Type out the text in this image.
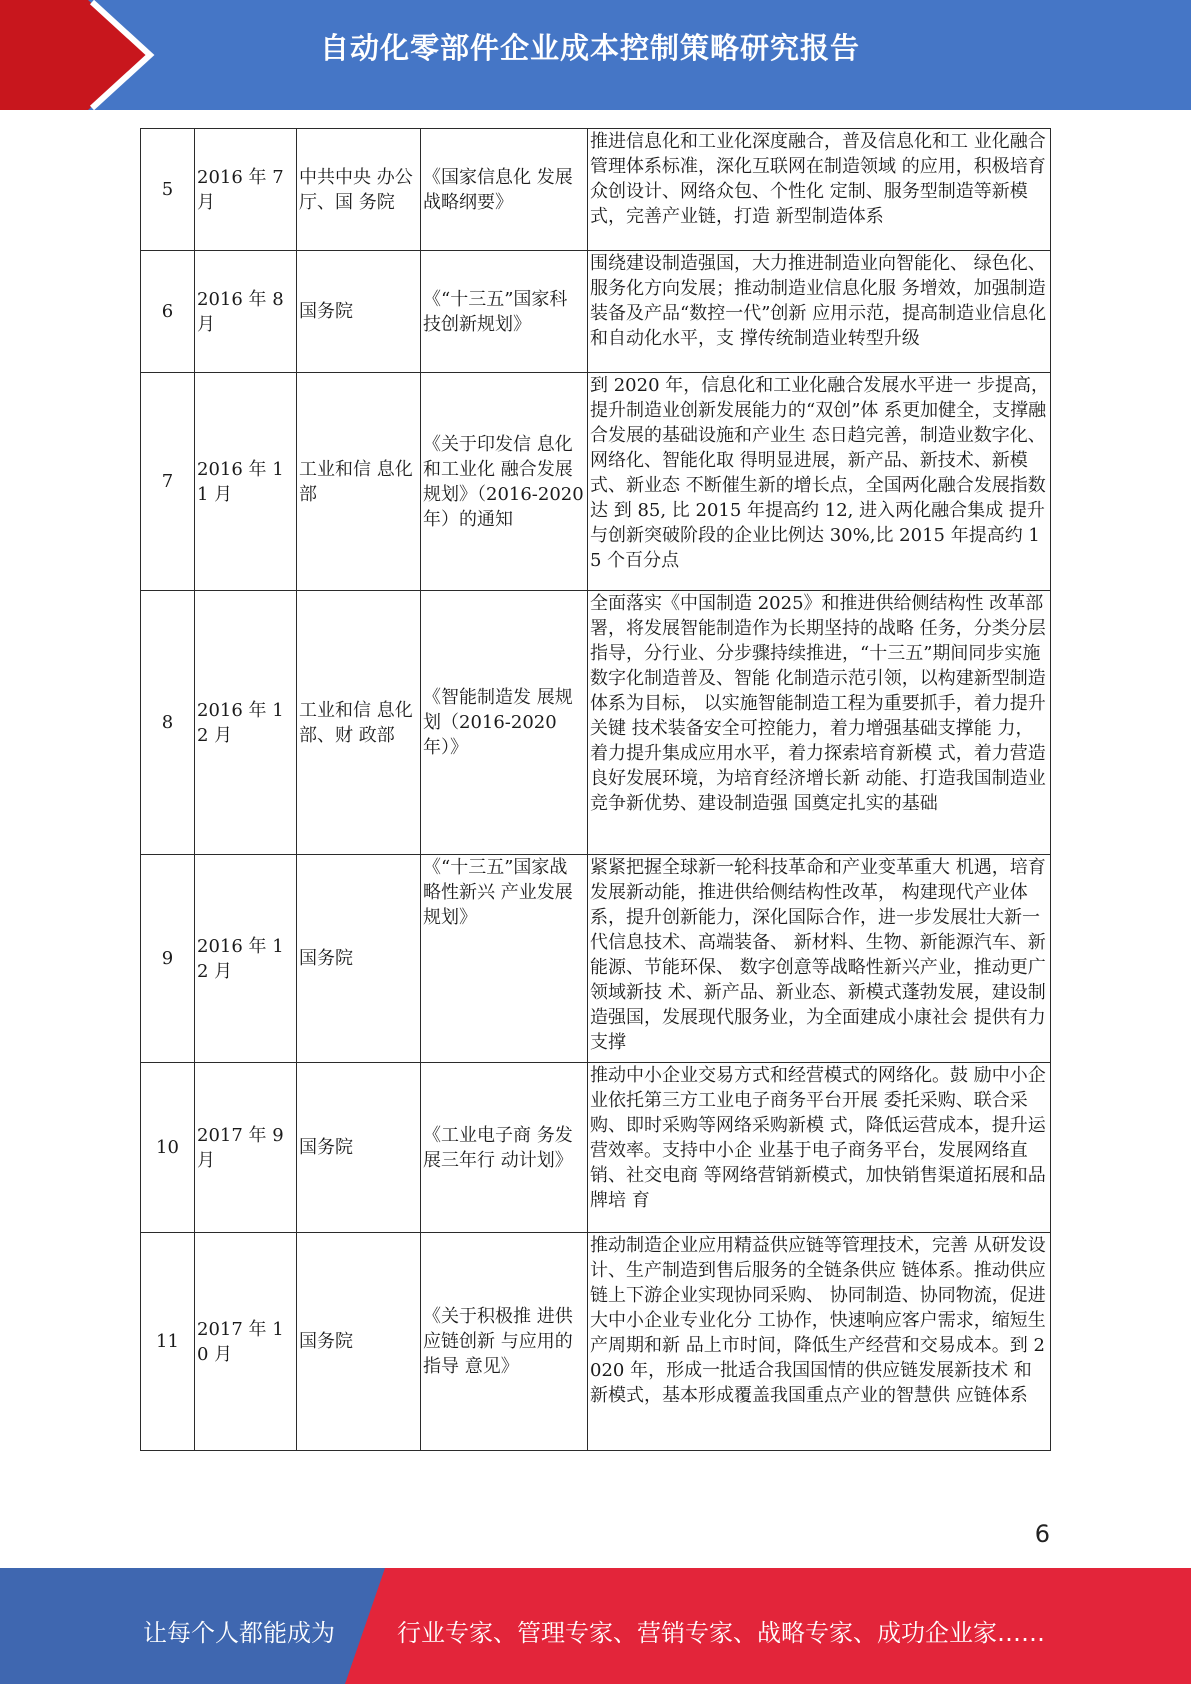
自动化零部件企业成本控制策略研究报告
5	2016 年 7 月	中共中央 办公厅、国 务院	《国家信息化 发展战略纲要》	推进信息化和工业化深度融合，普及信息化和工 业化融合管理体系标准，深化互联网在制造领域 的应用，积极培育众创设计、网络众包、个性化 定制、服务型制造等新模式，完善产业链，打造 新型制造体系
6	2016 年 8 月	国务院	《“十三五”国家科技创新规划》	围绕建设制造强国，大力推进制造业向智能化、 绿色化、服务化方向发展；推动制造业信息化服 务增效，加强制造装备及产品“数控一代”创新 应用示范，提高制造业信息化和自动化水平，支 撑传统制造业转型升级
7	2016 年 11 月	工业和信 息化部	《关于印发信 息化和工业化 融合发展规划》（2016-2020 年）的通知	到 2020 年，信息化和工业化融合发展水平进一 步提高，提升制造业创新发展能力的“双创”体 系更加健全，支撑融合发展的基础设施和产业生 态日趋完善，制造业数字化、网络化、智能化取 得明显进展，新产品、新技术、新模式、新业态 不断催生新的增长点，全国两化融合发展指数达 到 85, 比 2015 年提高约 12, 进入两化融合集成 提升与创新突破阶段的企业比例达 30%,比 2015 年提高约 15 个百分点
8	2016 年 12 月	工业和信 息化部、财 政部	《智能制造发 展规划（2016-2020 年）》	全面落实《中国制造 2025》和推进供给侧结构性 改革部署，将发展智能制造作为长期坚持的战略 任务，分类分层指导，分行业、分步骤持续推进，“十三五”期间同步实施数字化制造普及、智能 化制造示范引领，以构建新型制造体系为目标， 以实施智能制造工程为重要抓手，着力提升关键 技术装备安全可控能力，着力增强基础支撑能 力，着力提升集成应用水平，着力探索培育新模 式，着力营造良好发展环境，为培育经济增长新 动能、打造我国制造业竞争新优势、建设制造强 国奠定扎实的基础
9	2016 年 12 月	国务院	《“十三五”国家战略性新兴 产业发展规划》	紧紧把握全球新一轮科技革命和产业变革重大 机遇，培育发展新动能，推进供给侧结构性改革， 构建现代产业体系，提升创新能力，深化国际合作，进一步发展壮大新一代信息技术、高端装备、 新材料、生物、新能源汽车、新能源、节能环保、 数字创意等战略性新兴产业，推动更广领域新技 术、新产品、新业态、新模式蓬勃发展，建设制 造强国，发展现代服务业，为全面建成小康社会 提供有力支撑
10	2017 年 9 月	国务院	《工业电子商 务发展三年行 动计划》	推动中小企业交易方式和经营模式的网络化。鼓 励中小企业依托第三方工业电子商务平台开展 委托采购、联合采购、即时采购等网络采购新模 式，降低运营成本，提升运营效率。支持中小企 业基于电子商务平台，发展网络直销、社交电商 等网络营销新模式，加快销售渠道拓展和品牌培 育
11	2017 年 10 月	国务院	《关于积极推 进供应链创新 与应用的指导 意见》	推动制造企业应用精益供应链等管理技术，完善 从研发设计、生产制造到售后服务的全链条供应 链体系。推动供应链上下游企业实现协同采购、 协同制造、协同物流，促进大中小企业专业化分 工协作，快速响应客户需求，缩短生产周期和新 品上市时间，降低生产经营和交易成本。到 2020 年，形成一批适合我国国情的供应链发展新技术 和新模式，基本形成覆盖我国重点产业的智慧供 应链体系
6
让每个人都能成为	行业专家、管理专家、营销专家、战略专家、成功企业家……
